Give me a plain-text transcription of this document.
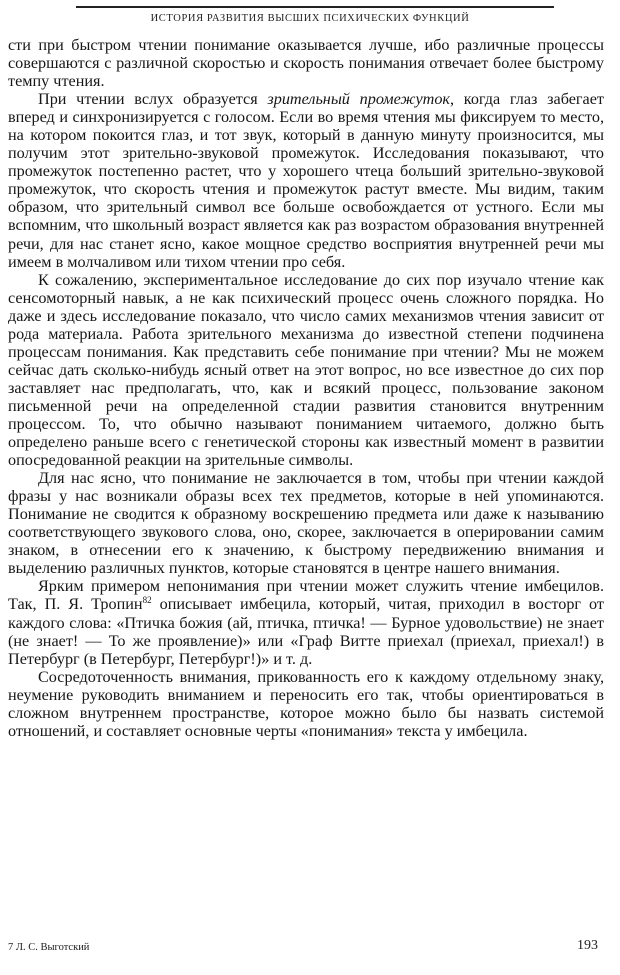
ИСТОРИЯ РАЗВИТИЯ ВЫСШИХ ПСИХИЧЕСКИХ ФУНКЦИЙ

сти при быстром чтении понимание оказывается лучше, ибо различные процессы совершаются с различной скоростью и скорость понимания отвечает более быстрому темпу чтения.

При чтении вслух образуется зрительный промежуток, когда глаз забегает вперед и синхронизируется с голосом. Если во время чтения мы фиксируем то место, на котором покоится глаз, и тот звук, который в данную минуту произносится, мы получим этот зрительно-звуковой промежуток. Исследования показывают, что промежуток постепенно растет, что у хорошего чтеца больший зрительно-звуковой промежуток, что скорость чтения и промежуток растут вместе. Мы видим, таким образом, что зрительный символ все больше освобождается от устного. Если мы вспомним, что школьный возраст является как раз возрастом образования внутренней речи, для нас станет ясно, какое мощное средство восприятия внутренней речи мы имеем в молчаливом или тихом чтении про себя.

К сожалению, экспериментальное исследование до сих пор изучало чтение как сенсомоторный навык, а не как психический процесс очень сложного порядка. Но даже и здесь исследование показало, что число самих механизмов чтения зависит от рода материала. Работа зрительного механизма до известной степени подчинена процессам понимания. Как представить себе понимание при чтении? Мы не можем сейчас дать сколько-нибудь ясный ответ на этот вопрос, но все известное до сих пор заставляет нас предполагать, что, как и всякий процесс, пользование законом письменной речи на определенной стадии развития становится внутренним процессом. То, что обычно называют пониманием читаемого, должно быть определено раньше всего с генетической стороны как известный момент в развитии опосредованной реакции на зрительные символы.

Для нас ясно, что понимание не заключается в том, чтобы при чтении каждой фразы у нас возникали образы всех тех предметов, которые в ней упоминаются. Понимание не сводится к образному воскрешению предмета или даже к называнию соответствующего звукового слова, оно, скорее, заключается в оперировании самим знаком, в отнесении его к значению, к быстрому передвижению внимания и выделению различных пунктов, которые становятся в центре нашего внимания.

Ярким примером непонимания при чтении может служить чтение имбецилов. Так, П. Я. Тропин$^{82}$ описывает имбецила, который, читая, приходил в восторг от каждого слова: «Птичка божия (ай, птичка, птичка! — Бурное удовольствие) не знает (не знает! — То же проявление)» или «Граф Витте приехал (приехал, приехал!) в Петербург (в Петербург, Петербург!)» и т. д.

Сосредоточенность внимания, прикованность его к каждому отдельному знаку, неумение руководить вниманием и переносить его так, чтобы ориентироваться в сложном внутреннем пространстве, которое можно было бы назвать системой отношений, и составляет основные черты «понимания» текста у имбецила.

7 Л. С. Выготский	193
